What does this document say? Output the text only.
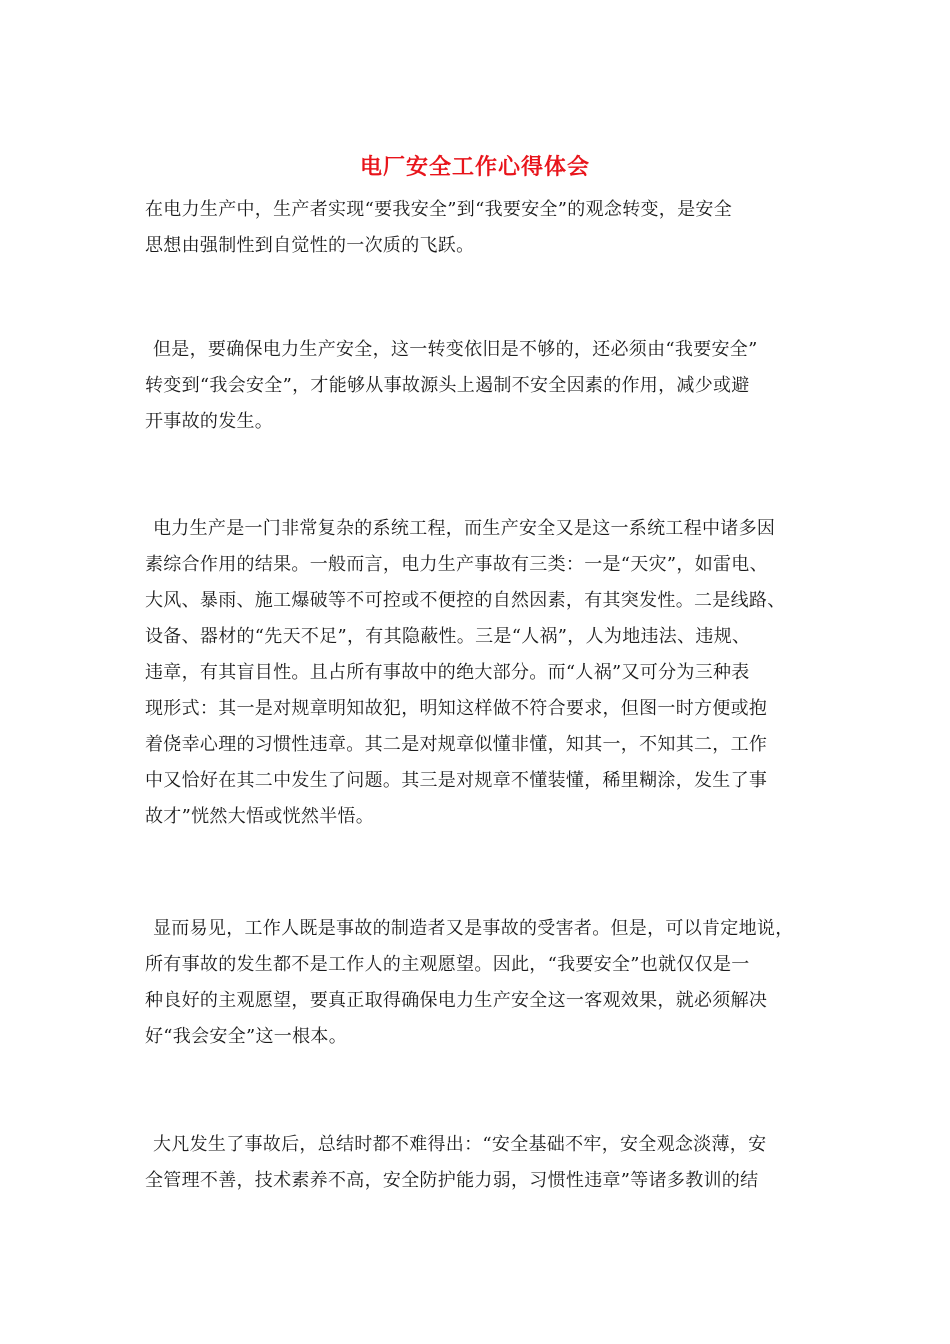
电厂安全工作心得体会
在电力生产中，生产者实现“要我安全”到“我要安全”的观念转变，是安全
思想由强制性到自觉性的一次质的飞跃。
但是，要确保电力生产安全，这一转变依旧是不够的，还必须由“我要安全”
转变到“我会安全”，才能够从事故源头上遏制不安全因素的作用，减少或避
开事故的发生。
电力生产是一门非常复杂的系统工程，而生产安全又是这一系统工程中诸多因
素综合作用的结果。一般而言，电力生产事故有三类：一是“天灾”，如雷电、
大风、暴雨、施工爆破等不可控或不便控的自然因素，有其突发性。二是线路、
设备、器材的“先天不足”，有其隐蔽性。三是“人祸”，人为地违法、违规、
违章，有其盲目性。且占所有事故中的绝大部分。而“人祸”又可分为三种表
现形式：其一是对规章明知故犯，明知这样做不符合要求，但图一时方便或抱
着侥幸心理的习惯性违章。其二是对规章似懂非懂，知其一，不知其二，工作
中又恰好在其二中发生了问题。其三是对规章不懂装懂，稀里糊涂，发生了事
故才”恍然大悟或恍然半悟。
显而易见，工作人既是事故的制造者又是事故的受害者。但是，可以肯定地说，
所有事故的发生都不是工作人的主观愿望。因此，“我要安全”也就仅仅是一
种良好的主观愿望，要真正取得确保电力生产安全这一客观效果，就必须解决
好“我会安全”这一根本。
大凡发生了事故后，总结时都不难得出：“安全基础不牢，安全观念淡薄，安
全管理不善，技术素养不高，安全防护能力弱，习惯性违章”等诸多教训的结
